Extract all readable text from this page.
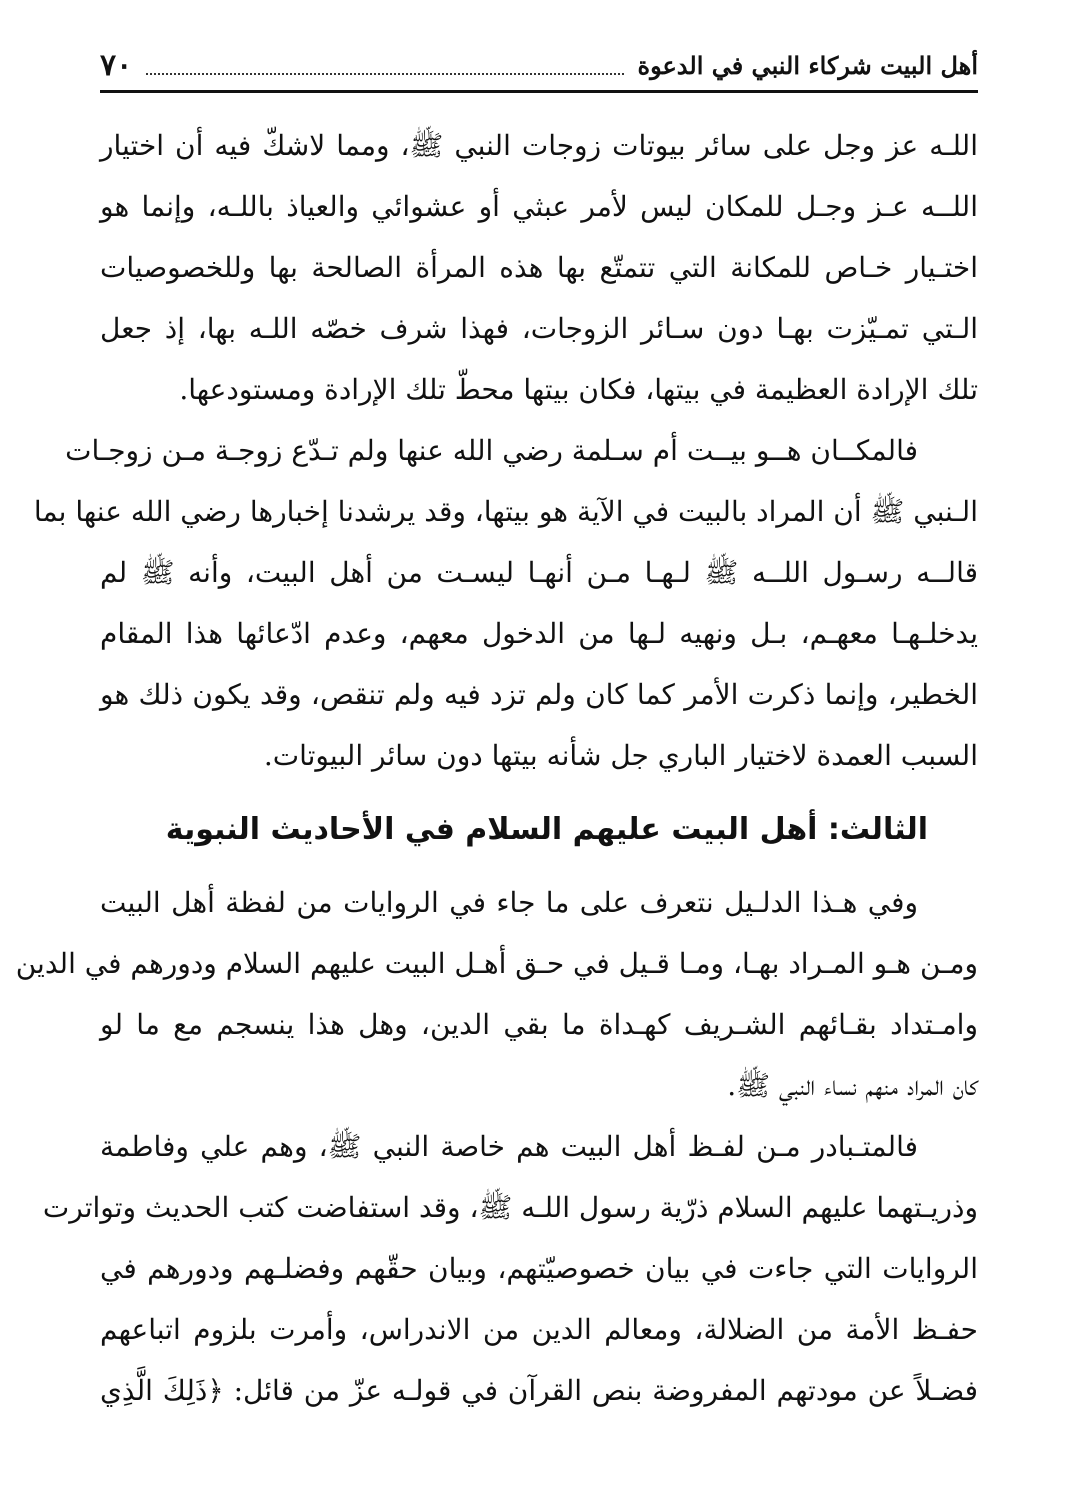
٧٠	أهل البيت شركاء النبي في الدعوة

اللـه عز وجل على سائر بيوتات زوجات النبي ﷺ، ومما لاشكّ فيه أن اختيار
اللــه عـز وجـل للمكان ليس لأمر عبثي أو عشوائي والعياذ باللـه، وإنما هو
اختـيار خـاص للمكانة التي تتمتّع بها هذه المرأة الصالحة بها وللخصوصيات
الـتي تمـيّزت بهـا دون سـائر الزوجات، فهذا شرف خصّه اللـه بها، إذ جعل
تلك الإرادة العظيمة في بيتها، فكان بيتها محطّ تلك الإرادة ومستودعها.

فالمكــان هــو بيــت أم سـلمة رضي الله عنها ولم تـدّع زوجـة مـن زوجـات
الـنبي ﷺ أن المراد بالبيت في الآية هو بيتها، وقد يرشدنا إخبارها رضي الله عنها بما
قالــه رسـول اللــه ﷺ لـهـا مـن أنهـا ليسـت من أهل البيت، وأنه ﷺ لم
يدخلـهـا معهـم، بـل ونهيه لـها من الدخول معهم، وعدم ادّعائها هذا المقام
الخطير، وإنما ذكرت الأمر كما كان ولم تزد فيه ولم تنقص، وقد يكون ذلك هو
السبب العمدة لاختيار الباري جل شأنه بيتها دون سائر البيوتات.

الثالث: أهل البيت عليهم السلام في الأحاديث النبوية

وفي هـذا الدلـيل نتعرف على ما جاء في الروايات من لفظة أهل البيت
ومـن هـو المـراد بهـا، ومـا قـيل في حـق أهـل البيت عليهم السلام ودورهم في الدين
وامـتداد بقـائهم الشـريف كهـداة ما بقي الدين، وهل هذا ينسجم مع ما لو
كان المراد منهم نساء النبي ﷺ.

فالمتـبادر مـن لفـظ أهل البيت هم خاصة النبي ﷺ، وهم علي وفاطمة
وذريـتهما عليهم السلام ذرّية رسول اللـه ﷺ، وقد استفاضت كتب الحديث وتواترت
الروايات التي جاءت في بيان خصوصيّتهم، وبيان حقّهم وفضلـهم ودورهم في
حفـظ الأمة من الضلالة، ومعالم الدين من الاندراس، وأمرت بلزوم اتباعهم
فضـلاً عن مودتهم المفروضة بنص القرآن في قولـه عزّ من قائل: ﴿ذَلِكَ الَّذِي
